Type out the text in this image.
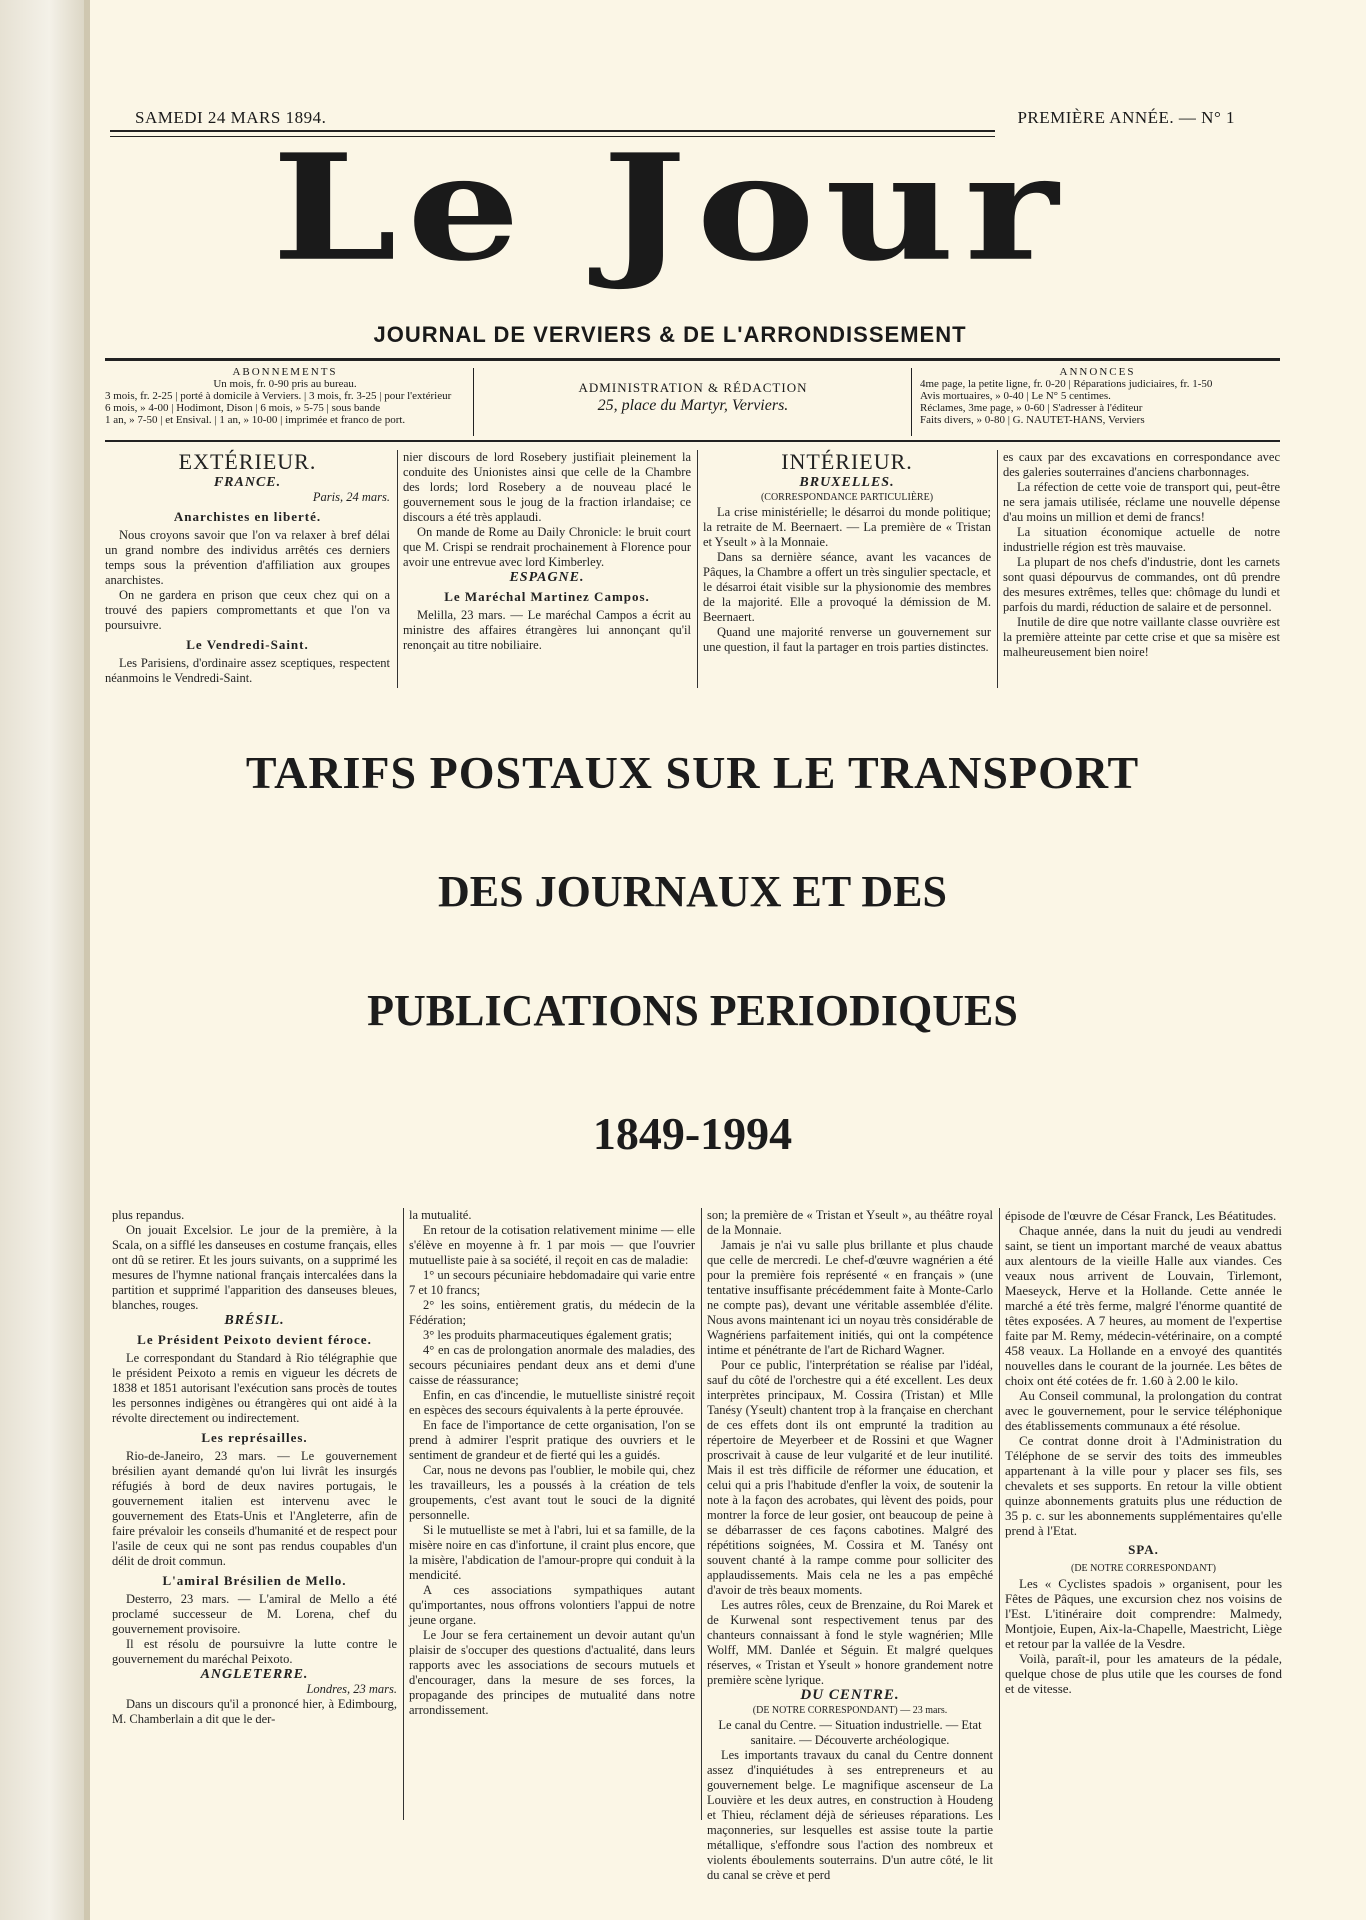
SAMEDI 24 MARS 1894.	PREMIÈRE ANNÉE. — N° 1
Le Jour
JOURNAL DE VERVIERS & DE L'ARRONDISSEMENT
ABONNEMENTS
Un mois, fr. 0-90 pris au bureau.
3 mois, fr. 2-25 | porté à domicile à Verviers. | 3 mois, fr. 3-25 | pour l'extérieur
6 mois, » 4-00 | Hodimont, Dison | 6 mois, » 5-75 | sous bande
1 an, » 7-50 | et Ensival. | 1 an, » 10-00 | imprimée et franco de port.
ADMINISTRATION & RÉDACTION
25, place du Martyr, Verviers.
ANNONCES
4me page, la petite ligne, fr. 0-20 | Réparations judiciaires, fr. 1-50
Avis mortuaires, » 0-40 | Le N° 5 centimes.
Réclames, 3me page, » 0-60 | S'adresser à l'éditeur
Faits divers, » 0-80 | G. NAUTET-HANS, Verviers
EXTÉRIEUR.
FRANCE.
Paris, 24 mars.
Anarchistes en liberté.

Nous croyons savoir que l'on va relaxer à bref délai un grand nombre des individus arrêtés ces derniers temps sous la prévention d'affiliation aux groupes anarchistes.

On ne gardera en prison que ceux chez qui on a trouvé des papiers compromettants et que l'on va poursuivre.

Le Vendredi-Saint.

Les Parisiens, d'ordinaire assez sceptiques, respectent néanmoins le Vendredi-Saint.

nier discours de lord Rosebery justifiait pleinement la conduite des Unionistes ainsi que celle de la Chambre des lords; lord Rosebery a de nouveau placé le gouvernement sous le joug de la fraction irlandaise; ce discours a été très applaudi.

On mande de Rome au Daily Chronicle: le bruit court que M. Crispi se rendrait prochainement à Florence pour avoir une entrevue avec lord Kimberley.

ESPAGNE.
Le Maréchal Martinez Campos.

Melilla, 23 mars. — Le maréchal Campos a écrit au ministre des affaires étrangères lui annonçant qu'il renonçait au titre nobiliaire.

INTÉRIEUR.
BRUXELLES.
(CORRESPONDANCE PARTICULIÈRE)

La crise ministérielle; le désarroi du monde politique; la retraite de M. Beernaert. — La première de « Tristan et Yseult » à la Monnaie.

Dans sa dernière séance, avant les vacances de Pâques, la Chambre a offert un très singulier spectacle, et le désarroi était visible sur la physionomie des membres de la majorité. Elle a provoqué la démission de M. Beernaert.

Quand une majorité renverse un gouvernement sur une question, il faut la partager en trois parties distinctes.

es caux par des excavations en correspondance avec des galeries souterraines d'anciens charbonnages.

La réfection de cette voie de transport qui, peut-être ne sera jamais utilisée, réclame une nouvelle dépense d'au moins un million et demi de francs!

La situation économique actuelle de notre industrielle région est très mauvaise.

La plupart de nos chefs d'industrie, dont les carnets sont quasi dépourvus de commandes, ont dû prendre des mesures extrêmes, telles que: chômage du lundi et parfois du mardi, réduction de salaire et de personnel.

Inutile de dire que notre vaillante classe ouvrière est la première atteinte par cette crise et que sa misère est malheureusement bien noire!

TARIFS POSTAUX SUR LE TRANSPORT
DES JOURNAUX ET DES
PUBLICATIONS PERIODIQUES
1849-1994

plus repandus.

On jouait Excelsior. Le jour de la première, à la Scala, on a sifflé les danseuses en costume français, elles ont dû se retirer. Et les jours suivants, on a supprimé les mesures de l'hymne national français intercalées dans la partition et supprimé l'apparition des danseuses bleues, blanches, rouges.

BRÉSIL.
Le Président Peixoto devient féroce.

Le correspondant du Standard à Rio télégraphie que le président Peixoto a remis en vigueur les décrets de 1838 et 1851 autorisant l'exécution sans procès de toutes les personnes indigènes ou étrangères qui ont aidé à la révolte directement ou indirectement.

Les représailles.

Rio-de-Janeiro, 23 mars. — Le gouvernement brésilien ayant demandé qu'on lui livrât les insurgés réfugiés à bord de deux navires portugais, le gouvernement italien est intervenu avec le gouvernement des Etats-Unis et l'Angleterre, afin de faire prévaloir les conseils d'humanité et de respect pour l'asile de ceux qui ne sont pas rendus coupables d'un délit de droit commun.

L'amiral Brésilien de Mello.

Desterro, 23 mars. — L'amiral de Mello a été proclamé successeur de M. Lorena, chef du gouvernement provisoire.

Il est résolu de poursuivre la lutte contre le gouvernement du maréchal Peixoto.

ANGLETERRE.
Londres, 23 mars.

Dans un discours qu'il a prononcé hier, à Edimbourg, M. Chamberlain a dit que le der-

la mutualité.

En retour de la cotisation relativement minime — elle s'élève en moyenne à fr. 1 par mois — que l'ouvrier mutuelliste paie à sa société, il reçoit en cas de maladie:

1° un secours pécuniaire hebdomadaire qui varie entre 7 et 10 francs;

2° les soins, entièrement gratis, du médecin de la Fédération;

3° les produits pharmaceutiques également gratis;

4° en cas de prolongation anormale des maladies, des secours pécuniaires pendant deux ans et demi d'une caisse de réassurance;

Enfin, en cas d'incendie, le mutuelliste sinistré reçoit en espèces des secours équivalents à la perte éprouvée.

En face de l'importance de cette organisation, l'on se prend à admirer l'esprit pratique des ouvriers et le sentiment de grandeur et de fierté qui les a guidés.

Car, nous ne devons pas l'oublier, le mobile qui, chez les travailleurs, les a poussés à la création de tels groupements, c'est avant tout le souci de la dignité personnelle.

Si le mutuelliste se met à l'abri, lui et sa famille, de la misère noire en cas d'infortune, il craint plus encore, que la misère, l'abdication de l'amour-propre qui conduit à la mendicité.

A ces associations sympathiques autant qu'importantes, nous offrons volontiers l'appui de notre jeune organe.

Le Jour se fera certainement un devoir autant qu'un plaisir de s'occuper des questions d'actualité, dans leurs rapports avec les associations de secours mutuels et d'encourager, dans la mesure de ses forces, la propagande des principes de mutualité dans notre arrondissement.

son; la première de « Tristan et Yseult », au théâtre royal de la Monnaie.

Jamais je n'ai vu salle plus brillante et plus chaude que celle de mercredi. Le chef-d'œuvre wagnérien a été pour la première fois représenté « en français » (une tentative insuffisante précédemment faite à Monte-Carlo ne compte pas), devant une véritable assemblée d'élite. Nous avons maintenant ici un noyau très considérable de Wagnériens parfaitement initiés, qui ont la compétence intime et pénétrante de l'art de Richard Wagner.

Pour ce public, l'interprétation se réalise par l'idéal, sauf du côté de l'orchestre qui a été excellent. Les deux interprètes principaux, M. Cossira (Tristan) et Mlle Tanésy (Yseult) chantent trop à la française en cherchant de ces effets dont ils ont emprunté la tradition au répertoire de Meyerbeer et de Rossini et que Wagner proscrivait à cause de leur vulgarité et de leur inutilité. Mais il est très difficile de réformer une éducation, et celui qui a pris l'habitude d'enfler la voix, de soutenir la note à la façon des acrobates, qui lèvent des poids, pour montrer la force de leur gosier, ont beaucoup de peine à se débarrasser de ces façons cabotines. Malgré des répétitions soignées, M. Cossira et M. Tanésy ont souvent chanté à la rampe comme pour solliciter des applaudissements. Mais cela ne les a pas empêché d'avoir de très beaux moments.

Les autres rôles, ceux de Brenzaine, du Roi Marek et de Kurwenal sont respectivement tenus par des chanteurs connaissant à fond le style wagnérien; Mlle Wolff, MM. Danlée et Séguin. Et malgré quelques réserves, « Tristan et Yseult » honore grandement notre première scène lyrique.

DU CENTRE.
(DE NOTRE CORRESPONDANT) — 23 mars.
Le canal du Centre. — Situation industrielle. — Etat sanitaire. — Découverte archéologique.

Les importants travaux du canal du Centre donnent assez d'inquiétudes à ses entrepreneurs et au gouvernement belge. Le magnifique ascenseur de La Louvière et les deux autres, en construction à Houdeng et Thieu, réclament déjà de sérieuses réparations. Les maçonneries, sur lesquelles est assise toute la partie métallique, s'effondre sous l'action des nombreux et violents éboulements souterrains. D'un autre côté, le lit du canal se crève et perd

épisode de l'œuvre de César Franck, Les Béatitudes.

Chaque année, dans la nuit du jeudi au vendredi saint, se tient un important marché de veaux abattus aux alentours de la vieille Halle aux viandes. Ces veaux nous arrivent de Louvain, Tirlemont, Maeseyck, Herve et la Hollande. Cette année le marché a été très ferme, malgré l'énorme quantité de têtes exposées. A 7 heures, au moment de l'expertise faite par M. Remy, médecin-vétérinaire, on a compté 458 veaux. La Hollande en a envoyé des quantités nouvelles dans le courant de la journée. Les bêtes de choix ont été cotées de fr. 1.60 à 2.00 le kilo.

Au Conseil communal, la prolongation du contrat avec le gouvernement, pour le service téléphonique des établissements communaux a été résolue.

Ce contrat donne droit à l'Administration du Téléphone de se servir des toits des immeubles appartenant à la ville pour y placer ses fils, ses chevalets et ses supports. En retour la ville obtient quinze abonnements gratuits plus une réduction de 35 p. c. sur les abonnements supplémentaires qu'elle prend à l'Etat.

SPA.
(DE NOTRE CORRESPONDANT)

Les « Cyclistes spadois » organisent, pour les Fêtes de Pâques, une excursion chez nos voisins de l'Est. L'itinéraire doit comprendre: Malmedy, Montjoie, Eupen, Aix-la-Chapelle, Maestricht, Liège et retour par la vallée de la Vesdre.

Voilà, paraît-il, pour les amateurs de la pédale, quelque chose de plus utile que les courses de fond et de vitesse.
